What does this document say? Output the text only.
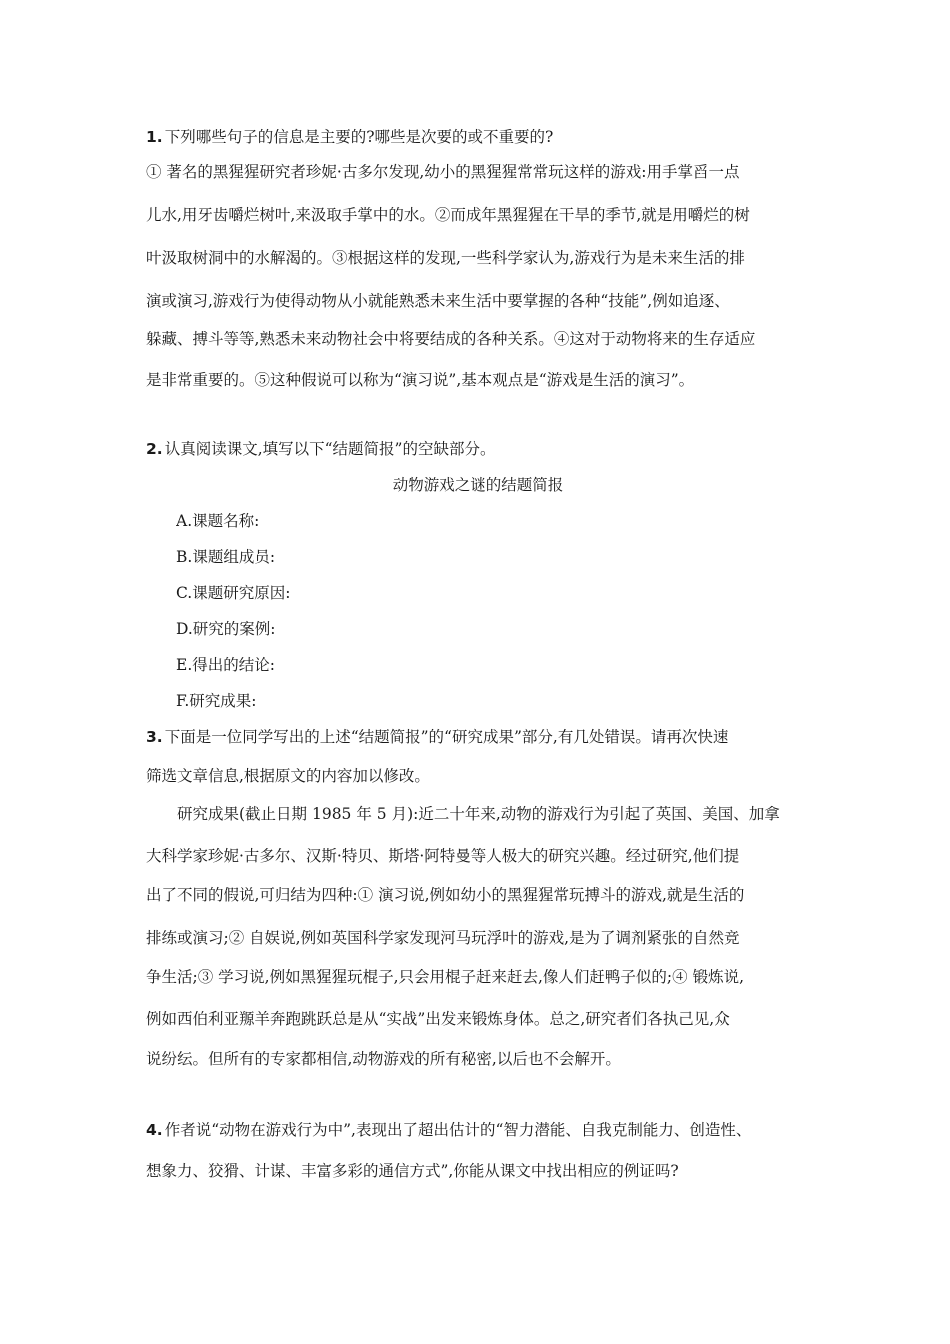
1. 下列哪些句子的信息是主要的?哪些是次要的或不重要的?
① 著名的黑猩猩研究者珍妮·古多尔发现,幼小的黑猩猩常常玩这样的游戏:用手掌舀一点
儿水,用牙齿嚼烂树叶,来汲取手掌中的水。②而成年黑猩猩在干旱的季节,就是用嚼烂的树
叶汲取树洞中的水解渴的。③根据这样的发现,一些科学家认为,游戏行为是未来生活的排
演或演习,游戏行为使得动物从小就能熟悉未来生活中要掌握的各种“技能”,例如追逐、
躲藏、搏斗等等,熟悉未来动物社会中将要结成的各种关系。④这对于动物将来的生存适应
是非常重要的。⑤这种假说可以称为“演习说”,基本观点是“游戏是生活的演习”。
2. 认真阅读课文,填写以下“结题简报”的空缺部分。
动物游戏之谜的结题简报
A.课题名称:
B.课题组成员:
C.课题研究原因:
D.研究的案例:
E.得出的结论:
F.研究成果:
3. 下面是一位同学写出的上述“结题简报”的“研究成果”部分,有几处错误。请再次快速
筛选文章信息,根据原文的内容加以修改。
研究成果(截止日期 1985 年 5 月):近二十年来,动物的游戏行为引起了英国、美国、加拿
大科学家珍妮·古多尔、汉斯·特贝、斯塔·阿特曼等人极大的研究兴趣。经过研究,他们提
出了不同的假说,可归结为四种:① 演习说,例如幼小的黑猩猩常玩搏斗的游戏,就是生活的
排练或演习;② 自娱说,例如英国科学家发现河马玩浮叶的游戏,是为了调剂紧张的自然竞
争生活;③ 学习说,例如黑猩猩玩棍子,只会用棍子赶来赶去,像人们赶鸭子似的;④ 锻炼说,
例如西伯利亚羱羊奔跑跳跃总是从“实战”出发来锻炼身体。总之,研究者们各执己见,众
说纷纭。但所有的专家都相信,动物游戏的所有秘密,以后也不会解开。
4. 作者说“动物在游戏行为中”,表现出了超出估计的“智力潜能、自我克制能力、创造性、
想象力、狡猾、计谋、丰富多彩的通信方式”,你能从课文中找出相应的例证吗?
